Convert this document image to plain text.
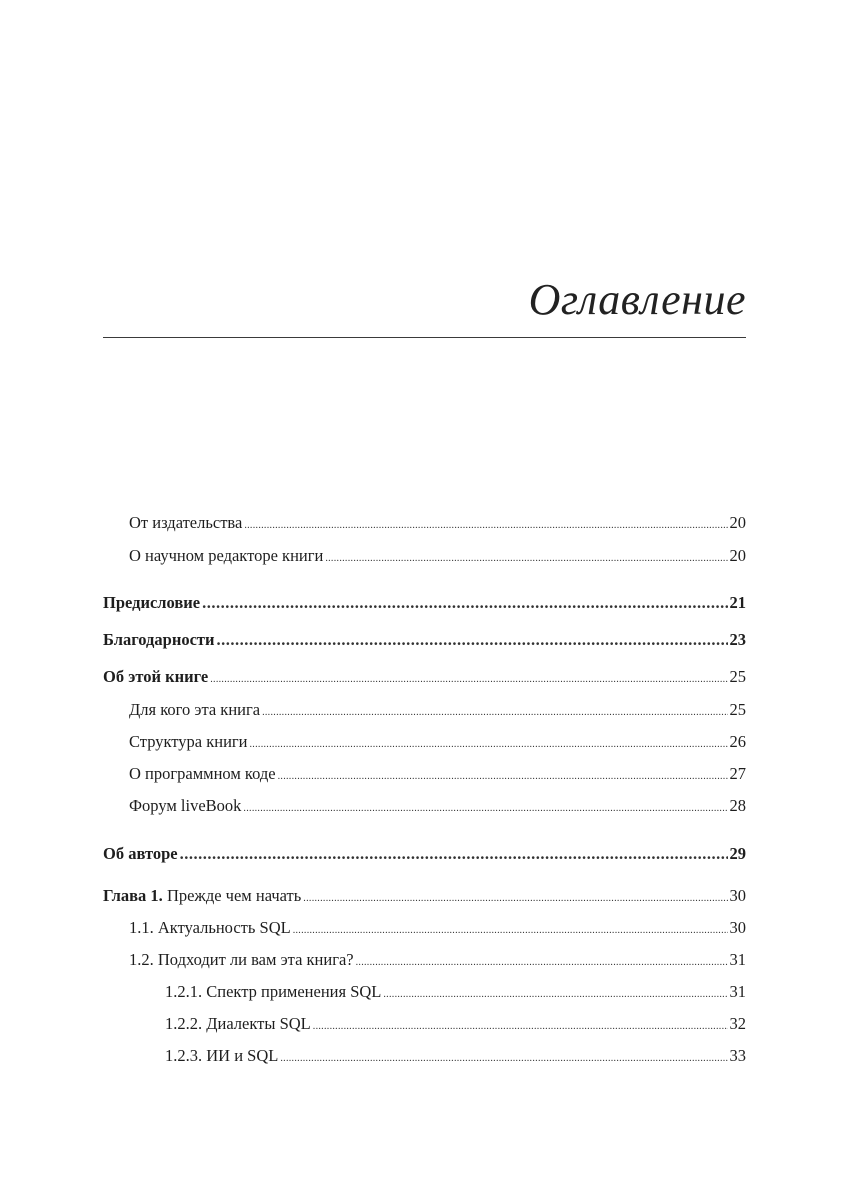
Оглавление
От издательства .....	20
О научном редакторе книги .....	20
Предисловие .....	21
Благодарности .....	23
Об этой книге .....	25
Для кого эта книга .....	25
Структура книги .....	26
О программном коде .....	27
Форум liveBook .....	28
Об авторе .....	29
Глава 1. Прежде чем начать .....	30
1.1. Актуальность SQL .....	30
1.2. Подходит ли вам эта книга? .....	31
1.2.1. Спектр применения SQL .....	31
1.2.2. Диалекты SQL .....	32
1.2.3. ИИ и SQL .....	33
